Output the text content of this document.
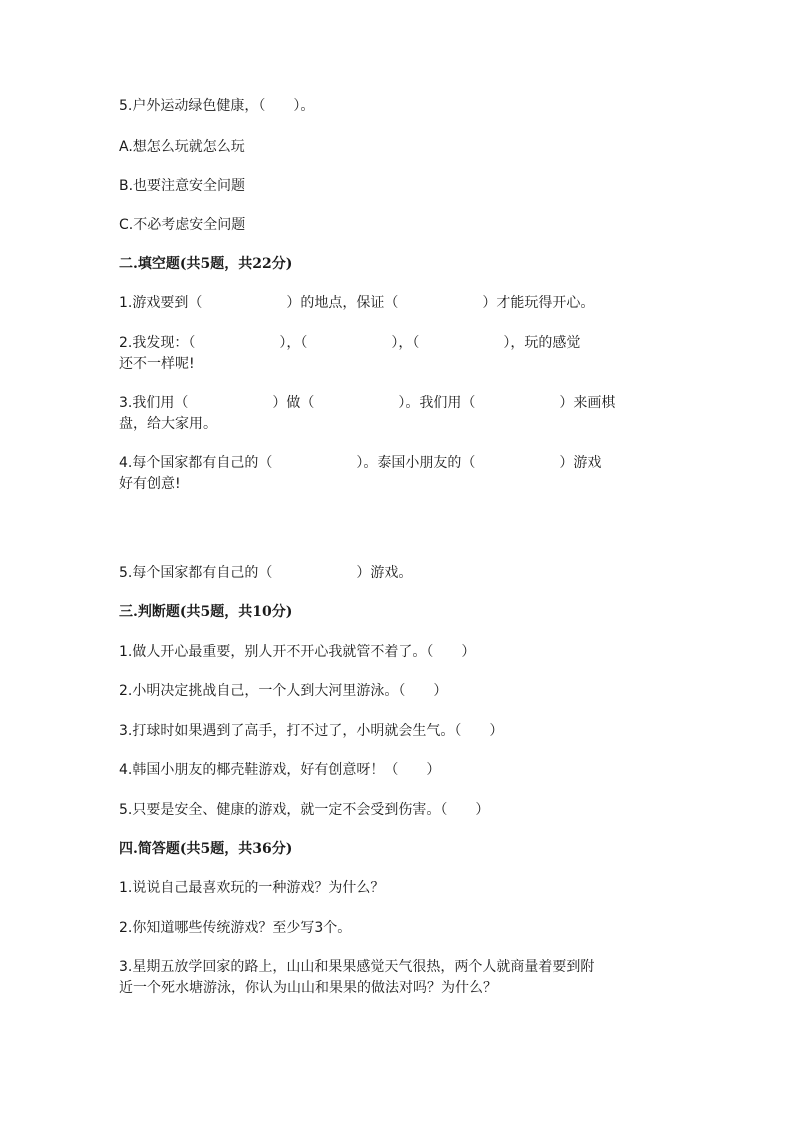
5.户外运动绿色健康，（　　）。
A.想怎么玩就怎么玩
B.也要注意安全问题
C.不必考虑安全问题
二.填空题(共5题，共22分)
1.游戏要到（　　　　　　）的地点，保证（　　　　　　）才能玩得开心。
2.我发现：（　　　　　　），（　　　　　　），（　　　　　　），玩的感觉
还不一样呢!
3.我们用（　　　　　　）做（　　　　　　）。我们用（　　　　　　）来画棋
盘，给大家用。
4.每个国家都有自己的（　　　　　　）。泰国小朋友的（　　　　　　）游戏
好有创意!
5.每个国家都有自己的（　　　　　　）游戏。
三.判断题(共5题，共10分)
1.做人开心最重要，别人开不开心我就管不着了。（　　）
2.小明决定挑战自己，一个人到大河里游泳。（　　）
3.打球时如果遇到了高手，打不过了，小明就会生气。（　　）
4.韩国小朋友的椰壳鞋游戏，好有创意呀！（　　）
5.只要是安全、健康的游戏，就一定不会受到伤害。（　　）
四.简答题(共5题，共36分)
1.说说自己最喜欢玩的一种游戏？为什么？
2.你知道哪些传统游戏？至少写3个。
3.星期五放学回家的路上，山山和果果感觉天气很热，两个人就商量着要到附
近一个死水塘游泳，你认为山山和果果的做法对吗？为什么？
